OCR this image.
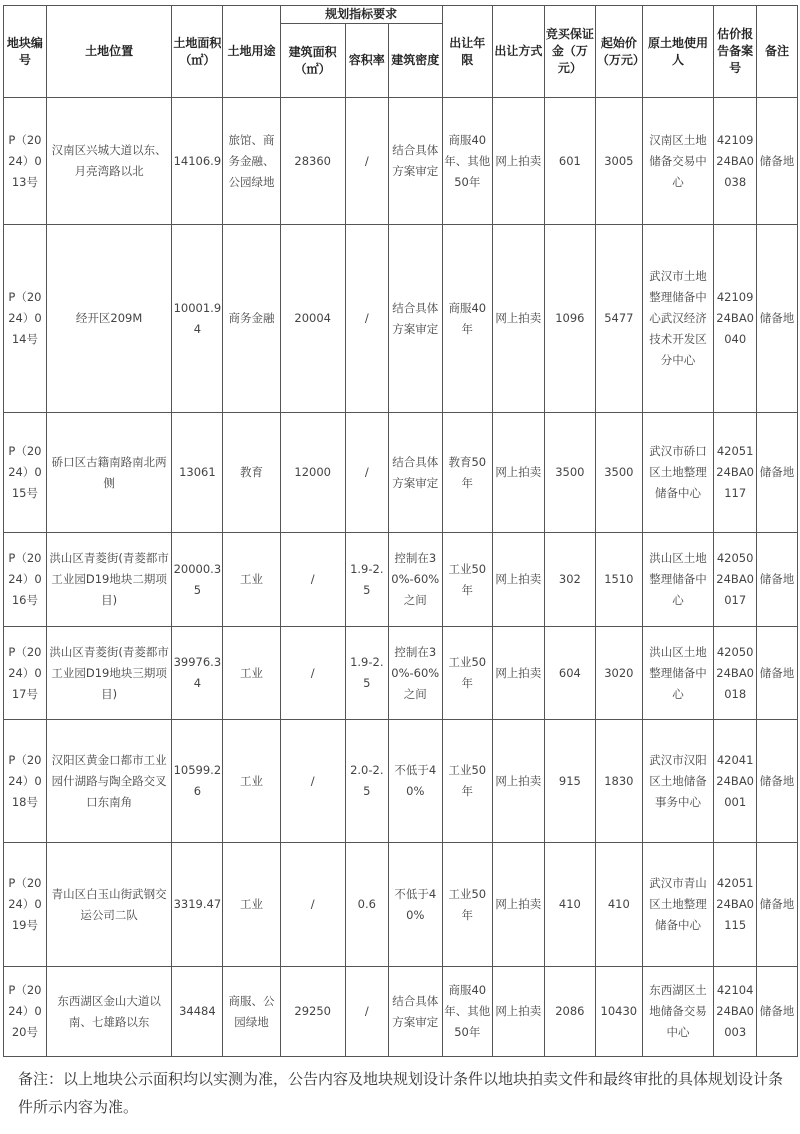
地块编号	土地位置	土地面积（㎡）	土地用途	规划指标要求			出让年限	出让方式	竞买保证金（万元）	起始价（万元）	原土地使用人	估价报告备案号	备注
				建筑面积（㎡）	容积率	建筑密度							
P（2024）013号	汉南区兴城大道以东、月亮湾路以北	14106.9	旅馆、商务金融、公园绿地	28360	/	结合具体方案审定	商服40年、其他50年	网上拍卖	601	3005	汉南区土地储备交易中心	4210924BA0038	储备地
P（2024）014号	经开区209M	10001.94	商务金融	20004	/	结合具体方案审定	商服40年	网上拍卖	1096	5477	武汉市土地整理储备中心武汉经济技术开发区分中心	4210924BA0040	储备地
P（2024）015号	硚口区古籍南路南北两侧	13061	教育	12000	/	结合具体方案审定	教育50年	网上拍卖	3500	3500	武汉市硚口区土地整理储备中心	4205124BA0117	储备地
P（2024）016号	洪山区青菱街(青菱都市工业园D19地块二期项目)	20000.35	工业	/	1.9-2.5	控制在30%-60%之间	工业50年	网上拍卖	302	1510	洪山区土地整理储备中心	4205024BA0017	储备地
P（2024）017号	洪山区青菱街(青菱都市工业园D19地块三期项目)	39976.34	工业	/	1.9-2.5	控制在30%-60%之间	工业50年	网上拍卖	604	3020	洪山区土地整理储备中心	4205024BA0018	储备地
P（2024）018号	汉阳区黄金口都市工业园什湖路与陶全路交叉口东南角	10599.26	工业	/	2.0-2.5	不低于40%	工业50年	网上拍卖	915	1830	武汉市汉阳区土地储备事务中心	4204124BA0001	储备地
P（2024）019号	青山区白玉山街武钢交运公司二队	3319.47	工业	/	0.6	不低于40%	工业50年	网上拍卖	410	410	武汉市青山区土地整理储备中心	4205124BA0115	储备地
P（2024）020号	东西湖区金山大道以南、七雄路以东	34484	商服、公园绿地	29250	/	结合具体方案审定	商服40年、其他50年	网上拍卖	2086	10430	东西湖区土地储备交易中心	4210424BA0003	储备地
备注：以上地块公示面积均以实测为准，公告内容及地块规划设计条件以地块拍卖文件和最终审批的具体规划设计条件所示内容为准。
